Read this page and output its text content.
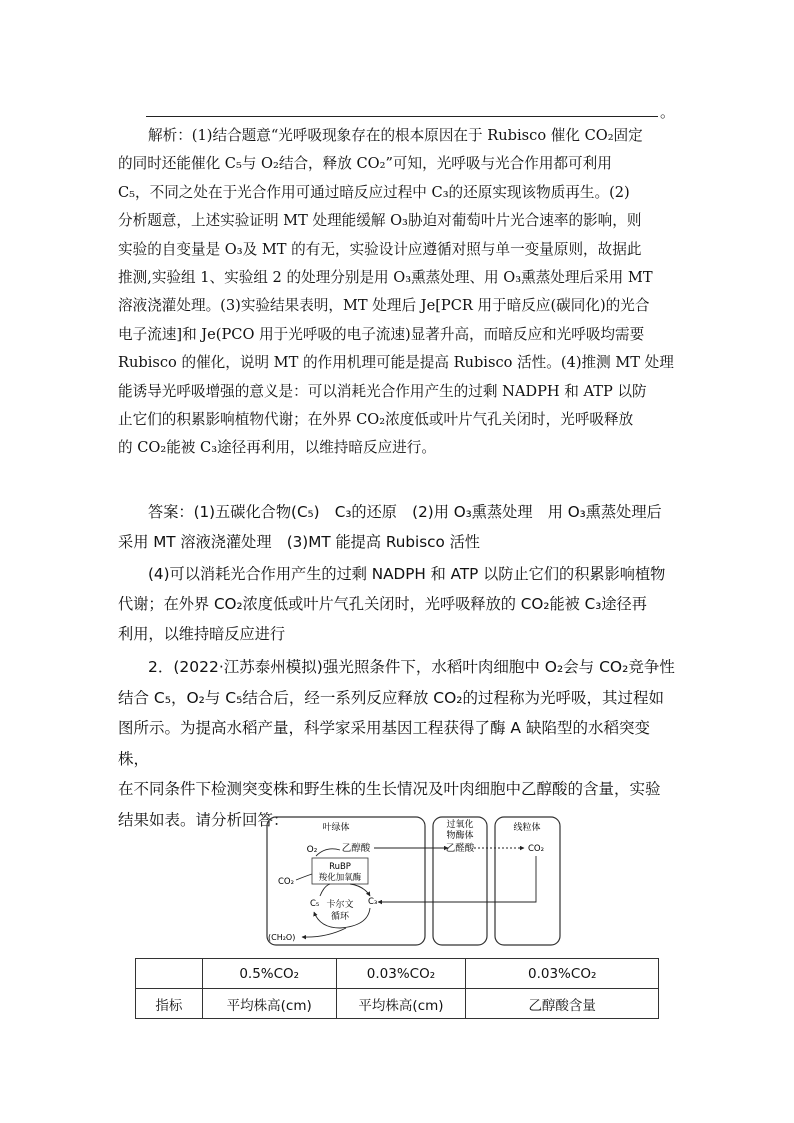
。
解析：(1)结合题意“光呼吸现象存在的根本原因在于 Rubisco 催化 CO₂固定
的同时还能催化 C₅与 O₂结合，释放 CO₂”可知，光呼吸与光合作用都可利用
C₅，不同之处在于光合作用可通过暗反应过程中 C₃的还原实现该物质再生。(2)
分析题意，上述实验证明 MT 处理能缓解 O₃胁迫对葡萄叶片光合速率的影响，则
实验的自变量是 O₃及 MT 的有无，实验设计应遵循对照与单一变量原则，故据此
推测,实验组 1、实验组 2 的处理分别是用 O₃熏蒸处理、用 O₃熏蒸处理后采用 MT
溶液浇灌处理。(3)实验结果表明，MT 处理后 Je[PCR 用于暗反应(碳同化)的光合
电子流速]和 Je(PCO 用于光呼吸的电子流速)显著升高，而暗反应和光呼吸均需要
Rubisco 的催化，说明 MT 的作用机理可能是提高 Rubisco 活性。(4)推测 MT 处理
能诱导光呼吸增强的意义是：可以消耗光合作用产生的过剩 NADPH 和 ATP 以防
止它们的积累影响植物代谢；在外界 CO₂浓度低或叶片气孔关闭时，光呼吸释放
的 CO₂能被 C₃途径再利用，以维持暗反应进行。
答案：(1)五碳化合物(C₅)　C₃的还原　(2)用 O₃熏蒸处理　用 O₃熏蒸处理后
采用 MT 溶液浇灌处理　(3)MT 能提高 Rubisco 活性
(4)可以消耗光合作用产生的过剩 NADPH 和 ATP 以防止它们的积累影响植物
代谢；在外界 CO₂浓度低或叶片气孔关闭时，光呼吸释放的 CO₂能被 C₃途径再
利用，以维持暗反应进行
2．(2022·江苏泰州模拟)强光照条件下，水稻叶肉细胞中 O₂会与 CO₂竞争性
结合 C₅，O₂与 C₅结合后，经一系列反应释放 CO₂的过程称为光呼吸，其过程如
图所示。为提高水稻产量，科学家采用基因工程获得了酶 A 缺陷型的水稻突变株，
在不同条件下检测突变株和野生株的生长情况及叶肉细胞中乙醇酸的含量，实验
结果如表。请分析回答：	叶绿体	过氧化
物酶体
线粒体
O₂	乙醇酸	乙醛酸	CO₂
RuBP
羧化加氧酶
CO₂
C₅	C₃
卡尔文
循环
(CH₂O)
	0.5%CO₂	0.03%CO₂	0.03%CO₂
指标	平均株高(cm)	平均株高(cm)	乙醇酸含量
